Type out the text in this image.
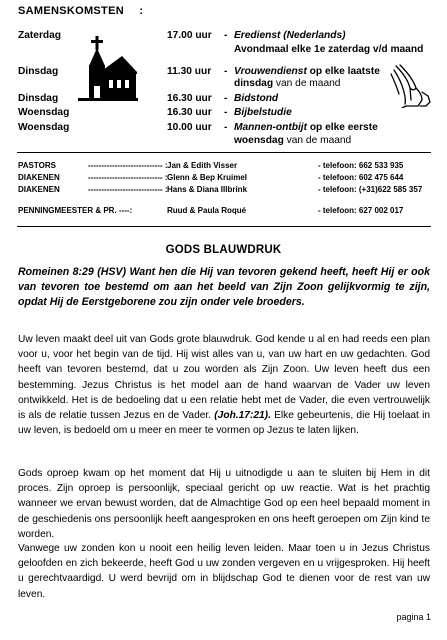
SAMENSKOMSTEN :
Zaterdag	17.00 uur - Eredienst (Nederlands)
Avondmaal elke 1e zaterdag v/d maand
Dinsdag	11.30 uur - Vrouwendienst op elke laatste
dinsdag van de maand
Dinsdag	16.30 uur - Bidstond
Woensdag	16.30 uur - Bijbelstudie
Woensdag	10.00 uur - Mannen-ontbijt op elke eerste
woensdag van de maand
PASTORS	---------------------------- : Jan & Edith Visser	- telefoon: 662 533 935
DIAKENEN	---------------------------- : Glenn & Bep Kruimel	- telefoon: 602 475 644
DIAKENEN	---------------------------- : Hans & Diana Illbrink	- telefoon: (+31)622 585 357
PENNINGMEESTER & PR. ----:	Ruud & Paula Roqué	- telefoon: 627 002 017
GODS BLAUWDRUK
Romeinen 8:29 (HSV) Want hen die Hij van tevoren gekend heeft, heeft Hij er ook van tevoren toe bestemd om aan het beeld van Zijn Zoon gelijkvormig te zijn, opdat Hij de Eerstgeborene zou zijn onder vele broeders.
Uw leven maakt deel uit van Gods grote blauwdruk. God kende u al en had reeds een plan voor u, voor het begin van de tijd. Hij wist alles van u, van uw hart en uw gedachten. God heeft van tevoren bestemd, dat u zou worden als Zijn Zoon. Uw leven heeft dus een bestemming. Jezus Christus is het model aan de hand waarvan de Vader uw leven ontwikkeld. Het is de bedoeling dat u een relatie hebt met de Vader, die even vertrouwelijk is als de relatie tussen Jezus en de Vader. (Joh.17:21). Elke gebeurtenis, die Hij toelaat in uw leven, is bedoeld om u meer en meer te vormen op Jezus te laten lijken.
Gods oproep kwam op het moment dat Hij u uitnodigde u aan te sluiten bij Hem in dit proces. Zijn oproep is persoonlijk, speciaal gericht op uw reactie. Wat is het prachtig wanneer we ervan bewust worden, dat de Almachtige God op een heel bepaald moment in de geschiedenis ons persoonlijk heeft aangesproken en ons heeft geroepen om Zijn kind te worden.
Vanwege uw zonden kon u nooit een heilig leven leiden. Maar toen u in Jezus Christus geloofden en zich bekeerde, heeft God u uw zonden vergeven en u vrijgesproken. Hij heeft u gerechtvaardigd. U werd bevrijd om in blijdschap God te dienen voor de rest van uw leven.
pagina 1
